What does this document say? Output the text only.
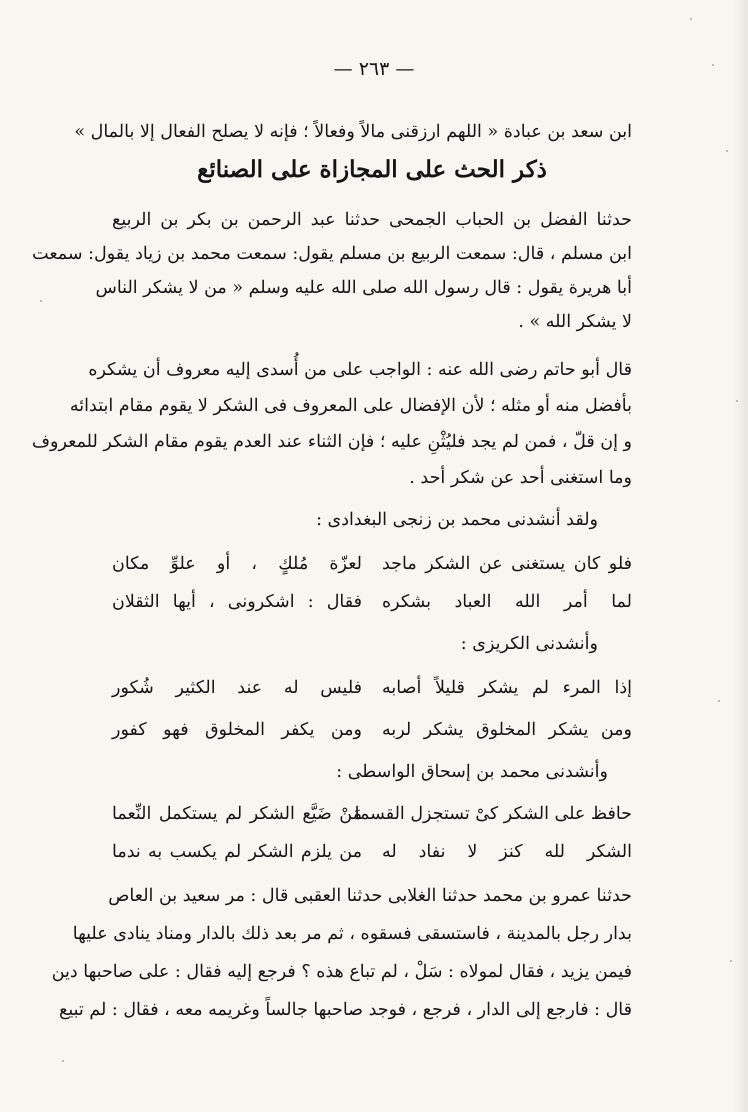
— ٢٦٣ —
ابن سعد بن عبادة « اللهم ارزقنى مالاً وفعالاً ؛ فإنه لا يصلح الفعال إلا بالمال »
ذكر الحث على المجازاة على الصنائع
حدثنا الفضل بن الحباب الجمحى حدثنا عبد الرحمن بن بكر بن الربيع
ابن مسلم ، قال: سمعت الربيع بن مسلم يقول: سمعت محمد بن زياد يقول: سمعت
أبا هريرة يقول : قال رسول الله صلى الله عليه وسلم « من لا يشكر الناس
لا يشكر الله » .
قال أبو حاتم رضى الله عنه : الواجب على من أُسدى إليه معروف أن يشكره
بأفضل منه أو مثله ؛ لأن الإفضال على المعروف فى الشكر لا يقوم مقام ابتدائه
و إن قلّ ، فمن لم يجد فليُثْنِ عليه ؛ فإن الثناء عند العدم يقوم مقام الشكر للمعروف
وما استغنى أحد عن شكر أحد .
ولقد أنشدنى محمد بن زنجى البغدادى :
فلو كان يستغنى عن الشكر ماجد
لعزّة مُلكٍ ، أو علوِّ مكان
لما أمر الله العباد بشكره
فقال : اشكرونى ، أيها الثقلان
وأنشدنى الكريزى :
إذا المرء لم يشكر قليلاً أصابه
فليس له عند الكثير شُكور
ومن يشكر المخلوق يشكر لربه
ومن يكفر المخلوق فهو كفور
وأنشدنى محمد بن إسحاق الواسطى :
حافظ على الشكر كىْ تستجزل القسما
مَنْ ضَيَّع الشكر لم يستكمل النِّعما
الشكر لله كنز لا نفاد له
من يلزم الشكر لم يكسب به ندما
حدثنا عمرو بن محمد حدثنا الغلابى حدثنا العقبى قال : مر سعيد بن العاص
بدار رجل بالمدينة ، فاستسقى فسقوه ، ثم مر بعد ذلك بالدار ومناد ينادى عليها
فيمن يزيد ، فقال لمولاه : سَلْ ، لم تباع هذه ؟ فرجع إليه فقال : على صاحبها دين
قال : فارجع إلى الدار ، فرجع ، فوجد صاحبها جالساً وغريمه معه ، فقال : لم تبيع
